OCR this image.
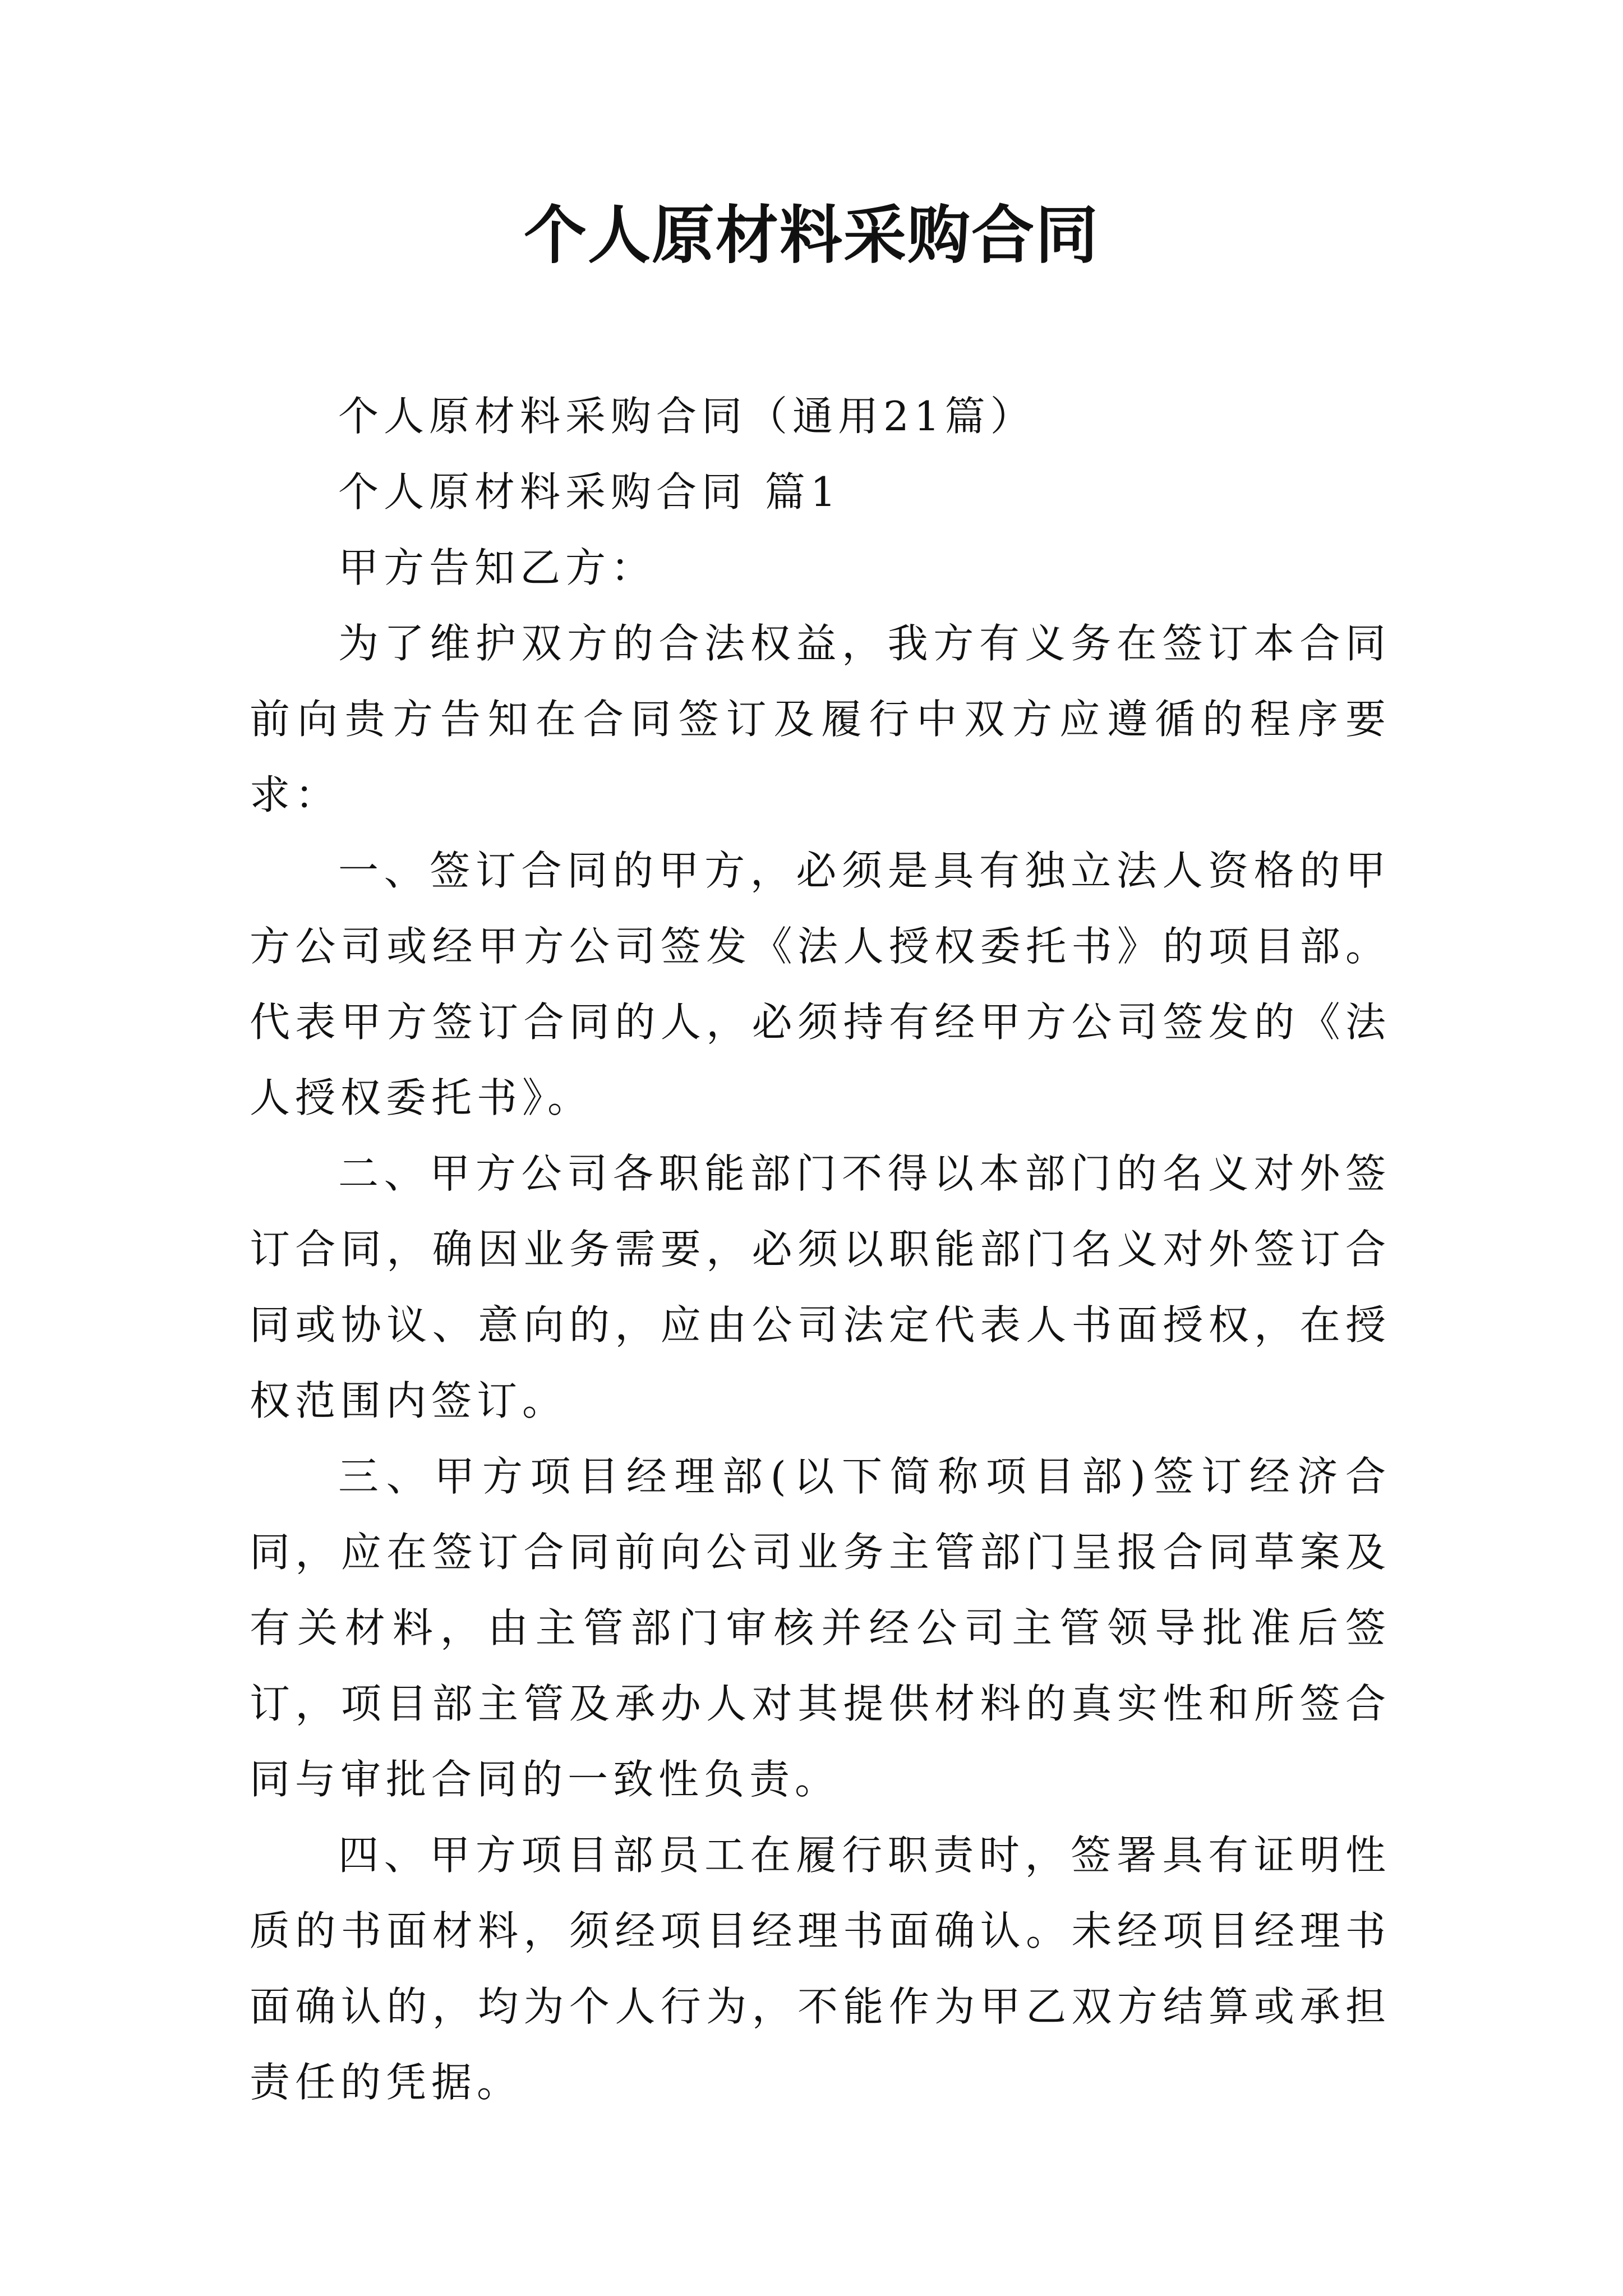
个人原材料采购合同

个人原材料采购合同（通用21篇）

个人原材料采购合同 篇1

甲方告知乙方：

为了维护双方的合法权益，我方有义务在签订本合同前向贵方告知在合同签订及履行中双方应遵循的程序要求：

一、签订合同的甲方，必须是具有独立法人资格的甲方公司或经甲方公司签发《法人授权委托书》的项目部。代表甲方签订合同的人，必须持有经甲方公司签发的《法人授权委托书》。

二、甲方公司各职能部门不得以本部门的名义对外签订合同，确因业务需要，必须以职能部门名义对外签订合同或协议、意向的，应由公司法定代表人书面授权，在授权范围内签订。

三、甲方项目经理部(以下简称项目部)签订经济合同，应在签订合同前向公司业务主管部门呈报合同草案及有关材料，由主管部门审核并经公司主管领导批准后签订，项目部主管及承办人对其提供材料的真实性和所签合同与审批合同的一致性负责。

四、甲方项目部员工在履行职责时，签署具有证明性质的书面材料，须经项目经理书面确认。未经项目经理书面确认的，均为个人行为，不能作为甲乙双方结算或承担责任的凭据。
